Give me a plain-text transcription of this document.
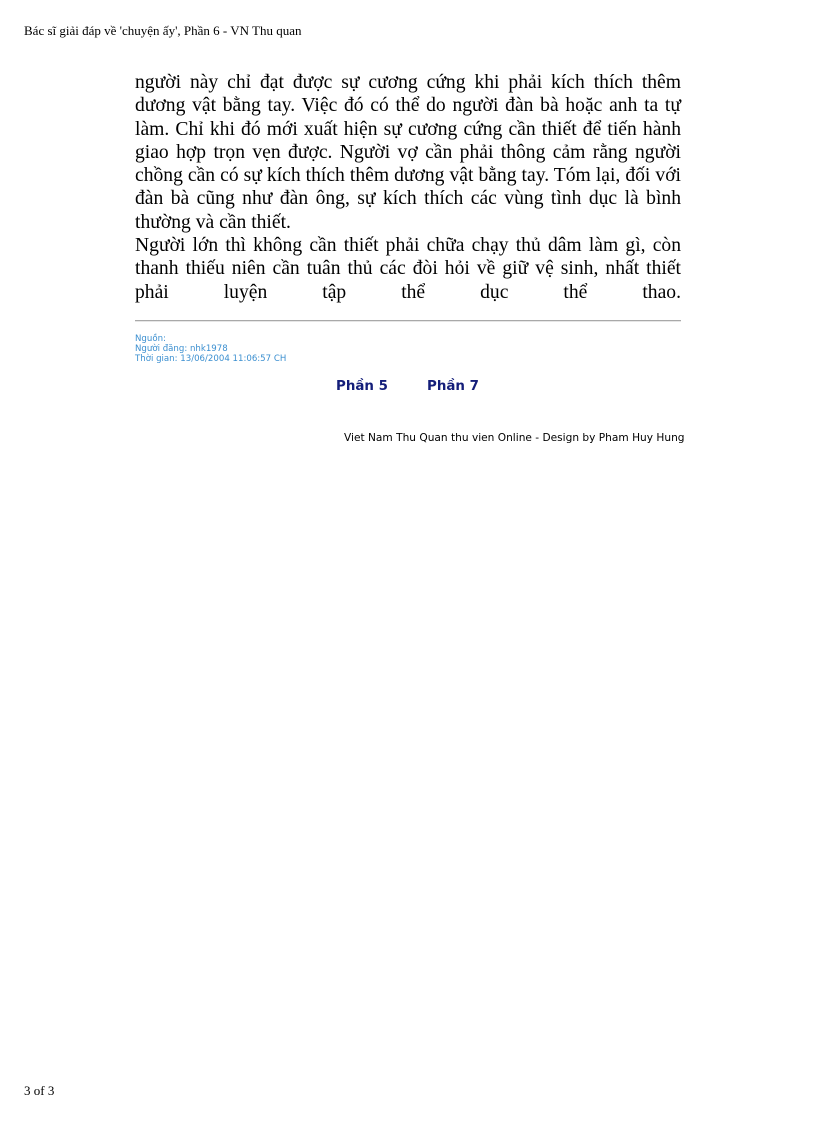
Bác sĩ giải đáp về 'chuyện ấy', Phần 6 - VN Thu quan

người này chỉ đạt được sự cương cứng khi phải kích thích thêm dương vật bằng tay. Việc đó có thể do người đàn bà hoặc anh ta tự làm. Chỉ khi đó mới xuất hiện sự cương cứng cần thiết để tiến hành giao hợp trọn vẹn được. Người vợ cần phải thông cảm rằng người chồng cần có sự kích thích thêm dương vật bằng tay. Tóm lại, đối với đàn bà cũng như đàn ông, sự kích thích các vùng tình dục là bình thường và cần thiết.

Người lớn thì không cần thiết phải chữa chạy thủ dâm làm gì, còn thanh thiếu niên cần tuân thủ các đòi hỏi về giữ vệ sinh, nhất thiết phải luyện tập thể dục thể thao.

Nguồn:
Người đăng: nhk1978
Thời gian: 13/06/2004 11:06:57 CH
Phần 5	Phần 7
Viet Nam Thu Quan thu vien Online - Design by Pham Huy Hung
3 of 3
